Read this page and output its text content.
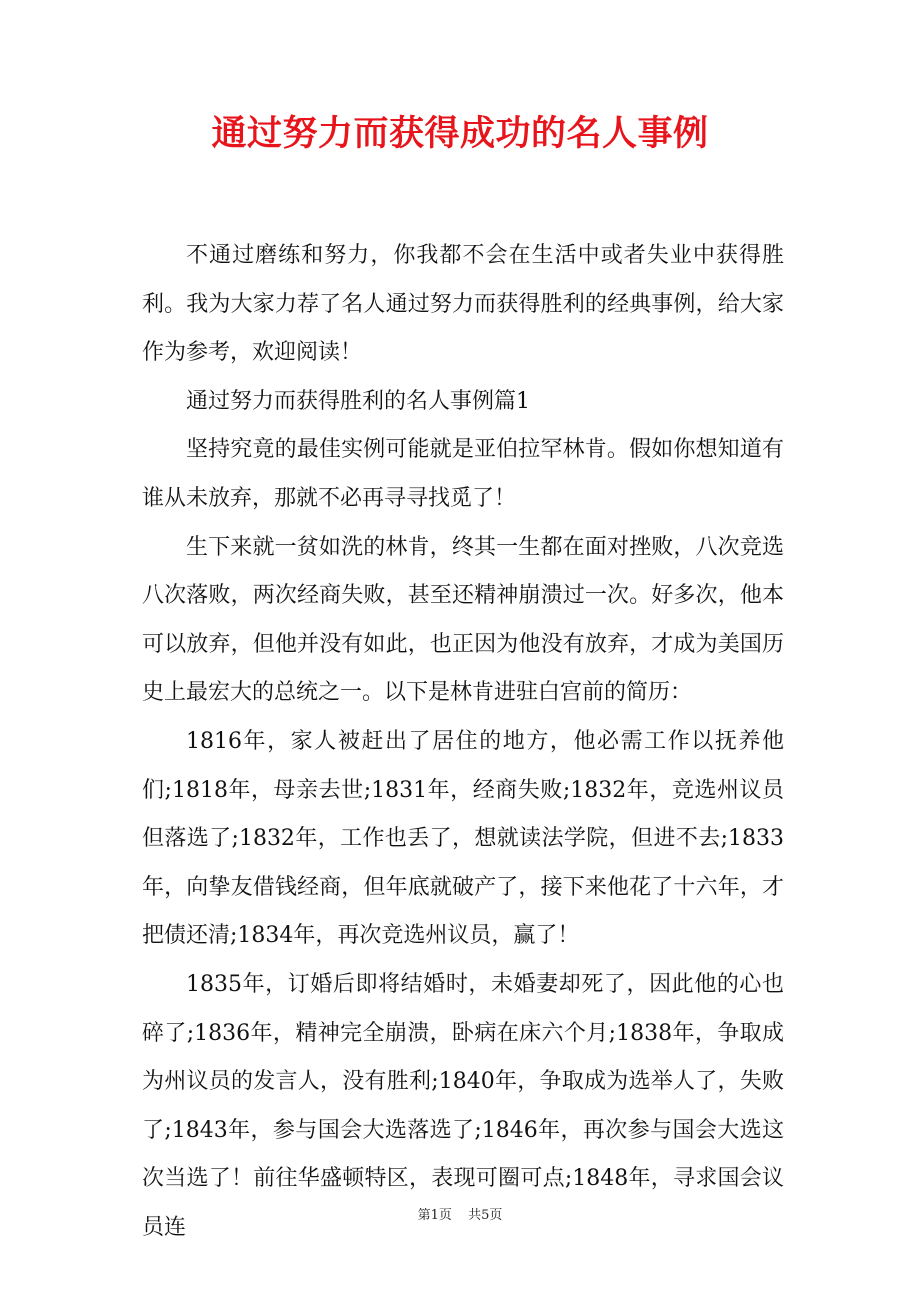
通过努力而获得成功的名人事例

不通过磨练和努力，你我都不会在生活中或者失业中获得胜利。我为大家力荐了名人通过努力而获得胜利的经典事例，给大家作为参考，欢迎阅读！

通过努力而获得胜利的名人事例篇1

坚持究竟的最佳实例可能就是亚伯拉罕林肯。假如你想知道有谁从未放弃，那就不必再寻寻找觅了！

生下来就一贫如洗的林肯，终其一生都在面对挫败，八次竞选八次落败，两次经商失败，甚至还精神崩溃过一次。好多次，他本可以放弃，但他并没有如此，也正因为他没有放弃，才成为美国历史上最宏大的总统之一。以下是林肯进驻白宫前的简历：

1816年，家人被赶出了居住的地方，他必需工作以抚养他们;1818年，母亲去世;1831年，经商失败;1832年，竞选州议员但落选了;1832年，工作也丢了，想就读法学院，但进不去;1833年，向挚友借钱经商，但年底就破产了，接下来他花了十六年，才把债还清;1834年，再次竞选州议员，赢了！

1835年，订婚后即将结婚时，未婚妻却死了，因此他的心也碎了;1836年，精神完全崩溃，卧病在床六个月;1838年，争取成为州议员的发言人，没有胜利;1840年，争取成为选举人了，失败了;1843年，参与国会大选落选了;1846年，再次参与国会大选这次当选了！前往华盛顿特区，表现可圈可点;1848年，寻求国会议员连	第1页 共5页
